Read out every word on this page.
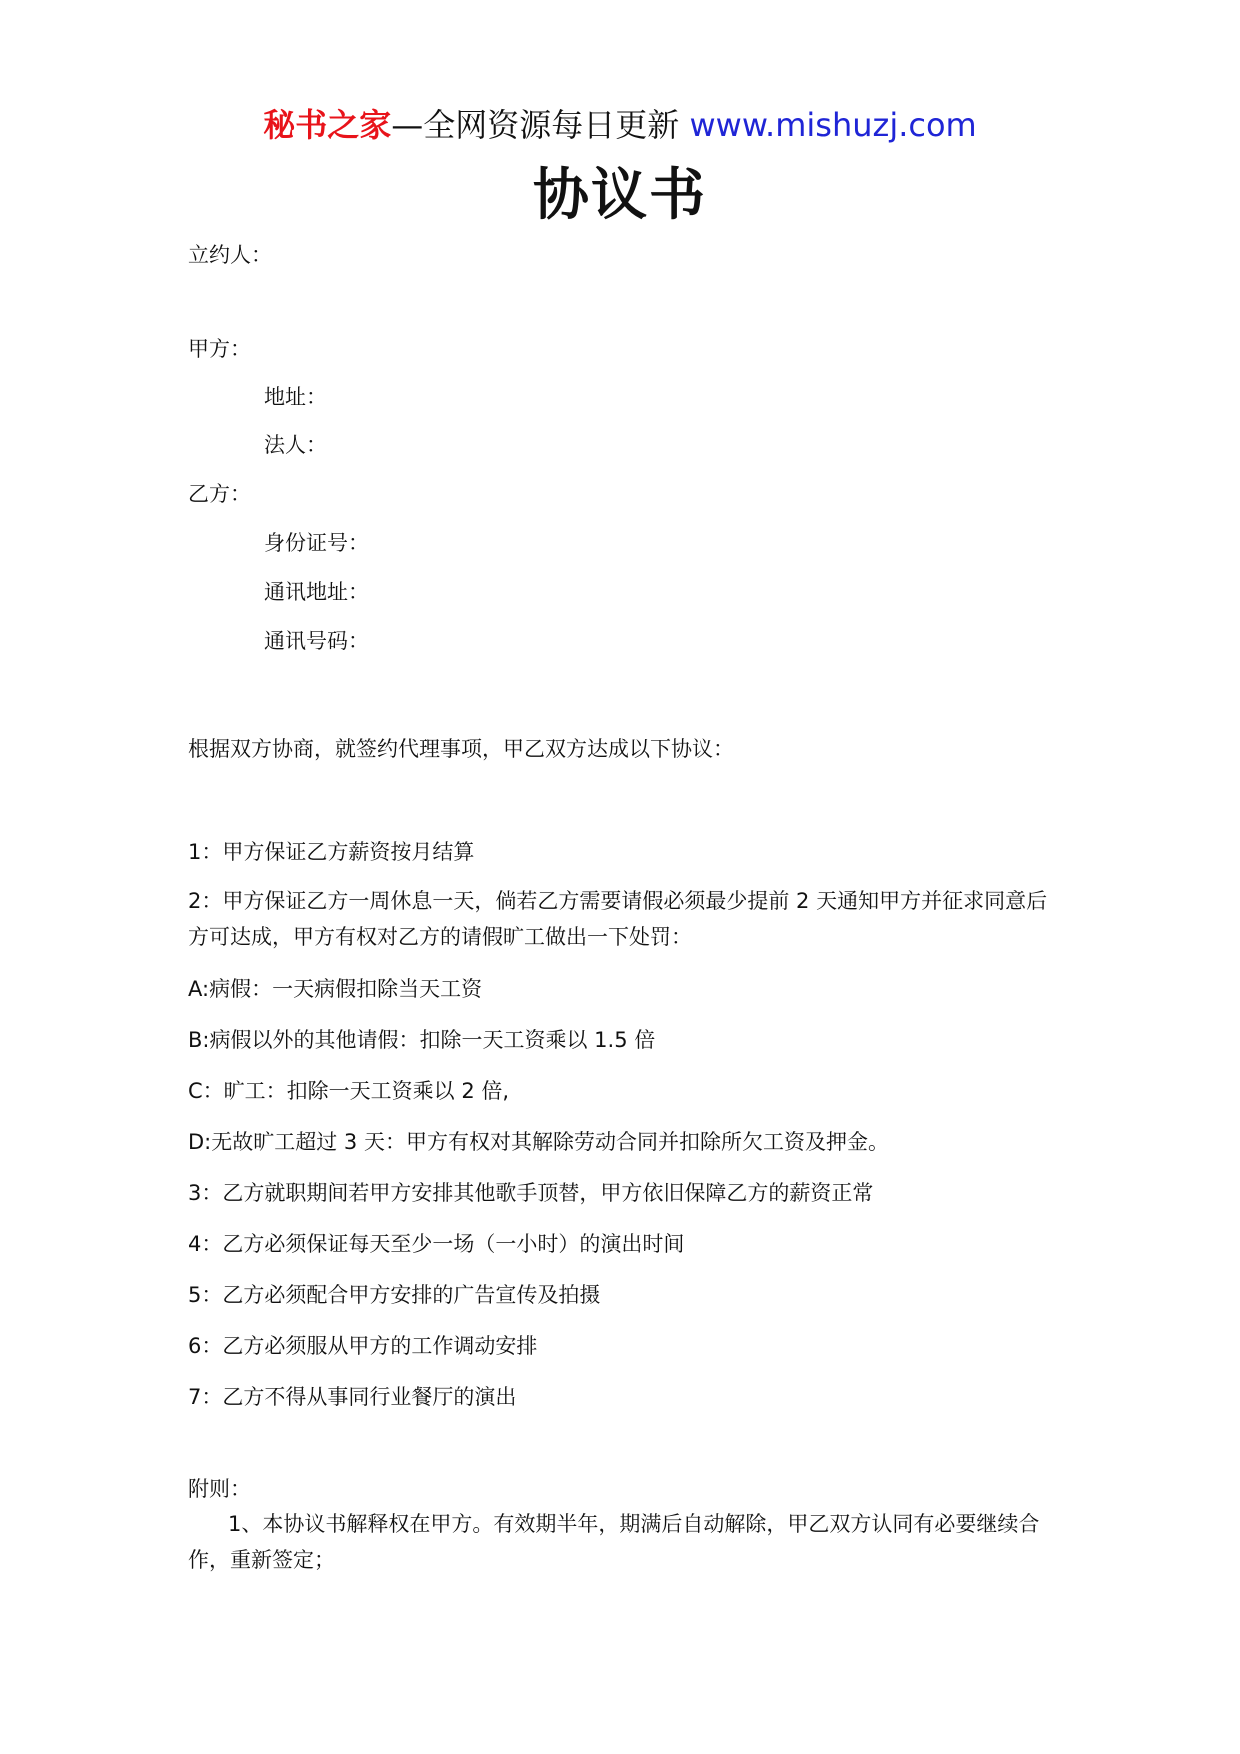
秘书之家—全网资源每日更新 www.mishuzj.com
协议书
立约人：
甲方：
地址：
法人：
乙方：
身份证号：
通讯地址：
通讯号码：
根据双方协商，就签约代理事项，甲乙双方达成以下协议：
1：甲方保证乙方薪资按月结算
2：甲方保证乙方一周休息一天，倘若乙方需要请假必须最少提前 2 天通知甲方并征求同意后方可达成，甲方有权对乙方的请假旷工做出一下处罚：
A:病假：一天病假扣除当天工资
B:病假以外的其他请假：扣除一天工资乘以 1.5 倍
C：旷工：扣除一天工资乘以 2 倍,
D:无故旷工超过 3 天：甲方有权对其解除劳动合同并扣除所欠工资及押金。
3：乙方就职期间若甲方安排其他歌手顶替，甲方依旧保障乙方的薪资正常
4：乙方必须保证每天至少一场（一小时）的演出时间
5：乙方必须配合甲方安排的广告宣传及拍摄
6：乙方必须服从甲方的工作调动安排
7：乙方不得从事同行业餐厅的演出
附则：
1、本协议书解释权在甲方。有效期半年，期满后自动解除，甲乙双方认同有必要继续合作，重新签定；
